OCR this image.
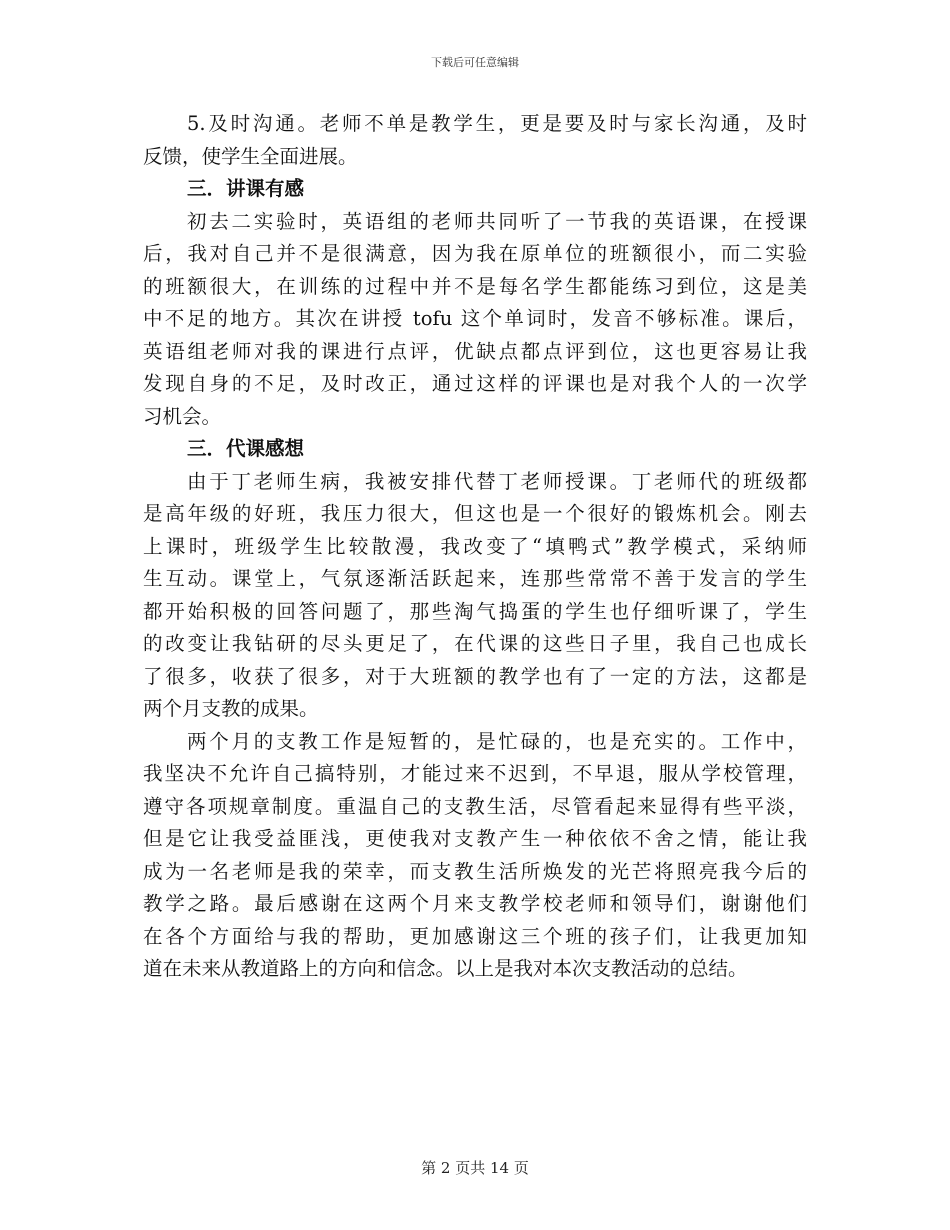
下载后可任意编辑
5.及时沟通。老师不单是教学生，更是要及时与家长沟通，及时
反馈，使学生全面进展。
三．讲课有感
初去二实验时，英语组的老师共同听了一节我的英语课，在授课
后，我对自己并不是很满意，因为我在原单位的班额很小，而二实验
的班额很大，在训练的过程中并不是每名学生都能练习到位，这是美
中不足的地方。其次在讲授 tofu 这个单词时，发音不够标准。课后，
英语组老师对我的课进行点评，优缺点都点评到位，这也更容易让我
发现自身的不足，及时改正，通过这样的评课也是对我个人的一次学
习机会。
三．代课感想
由于丁老师生病，我被安排代替丁老师授课。丁老师代的班级都
是高年级的好班，我压力很大，但这也是一个很好的锻炼机会。刚去
上课时，班级学生比较散漫，我改变了“填鸭式”教学模式，采纳师
生互动。课堂上，气氛逐渐活跃起来，连那些常常不善于发言的学生
都开始积极的回答问题了，那些淘气捣蛋的学生也仔细听课了，学生
的改变让我钻研的尽头更足了，在代课的这些日子里，我自己也成长
了很多，收获了很多，对于大班额的教学也有了一定的方法，这都是
两个月支教的成果。
两个月的支教工作是短暂的，是忙碌的，也是充实的。工作中，
我坚决不允许自己搞特别，才能过来不迟到，不早退，服从学校管理，
遵守各项规章制度。重温自己的支教生活，尽管看起来显得有些平淡，
但是它让我受益匪浅，更使我对支教产生一种依依不舍之情，能让我
成为一名老师是我的荣幸，而支教生活所焕发的光芒将照亮我今后的
教学之路。最后感谢在这两个月来支教学校老师和领导们，谢谢他们
在各个方面给与我的帮助，更加感谢这三个班的孩子们，让我更加知
道在未来从教道路上的方向和信念。以上是我对本次支教活动的总结。
第 2 页共 14 页
